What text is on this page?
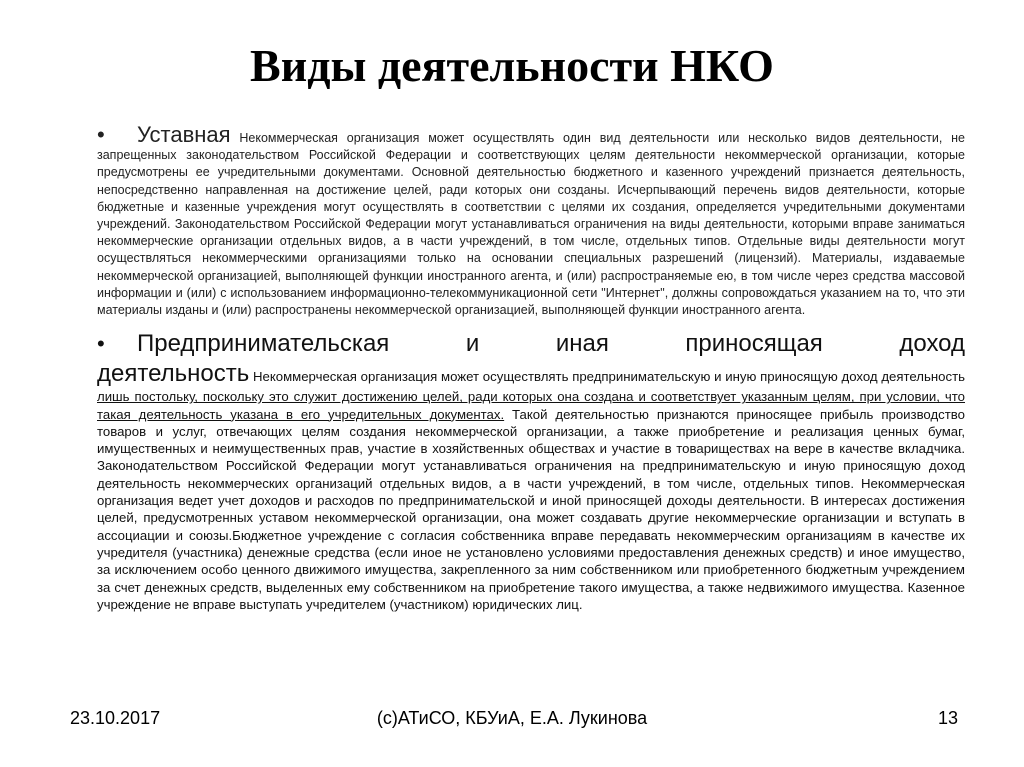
Виды деятельности НКО
• Уставная Некоммерческая организация может осуществлять один вид деятельности или несколько видов деятельности, не запрещенных законодательством Российской Федерации и соответствующих целям деятельности некоммерческой организации, которые предусмотрены ее учредительными документами. Основной деятельностью бюджетного и казенного учреждений признается деятельность, непосредственно направленная на достижение целей, ради которых они созданы. Исчерпывающий перечень видов деятельности, которые бюджетные и казенные учреждения могут осуществлять в соответствии с целями их создания, определяется учредительными документами учреждений. Законодательством Российской Федерации могут устанавливаться ограничения на виды деятельности, которыми вправе заниматься некоммерческие организации отдельных видов, а в части учреждений, в том числе, отдельных типов. Отдельные виды деятельности могут осуществляться некоммерческими организациями только на основании специальных разрешений (лицензий). Материалы, издаваемые некоммерческой организацией, выполняющей функции иностранного агента, и (или) распространяемые ею, в том числе через средства массовой информации и (или) с использованием информационно-телекоммуникационной сети "Интернет", должны сопровождаться указанием на то, что эти материалы изданы и (или) распространены некоммерческой организацией, выполняющей функции иностранного агента.
• Предпринимательская и иная приносящая доход
деятельность Некоммерческая организация может осуществлять предпринимательскую и иную приносящую доход деятельность лишь постольку, поскольку это служит достижению целей, ради которых она создана и соответствует указанным целям, при условии, что такая деятельность указана в его учредительных документах. Такой деятельностью признаются приносящее прибыль производство товаров и услуг, отвечающих целям создания некоммерческой организации, а также приобретение и реализация ценных бумаг, имущественных и неимущественных прав, участие в хозяйственных обществах и участие в товариществах на вере в качестве вкладчика. Законодательством Российской Федерации могут устанавливаться ограничения на предпринимательскую и иную приносящую доход деятельность некоммерческих организаций отдельных видов, а в части учреждений, в том числе, отдельных типов. Некоммерческая организация ведет учет доходов и расходов по предпринимательской и иной приносящей доходы деятельности. В интересах достижения целей, предусмотренных уставом некоммерческой организации, она может создавать другие некоммерческие организации и вступать в ассоциации и союзы.Бюджетное учреждение с согласия собственника вправе передавать некоммерческим организациям в качестве их учредителя (участника) денежные средства (если иное не установлено условиями предоставления денежных средств) и иное имущество, за исключением особо ценного движимого имущества, закрепленного за ним собственником или приобретенного бюджетным учреждением за счет денежных средств, выделенных ему собственником на приобретение такого имущества, а также недвижимого имущества. Казенное учреждение не вправе выступать учредителем (участником) юридических лиц.
23.10.2017	(с)АТиСО, КБУиА, Е.А. Лукинова	13
